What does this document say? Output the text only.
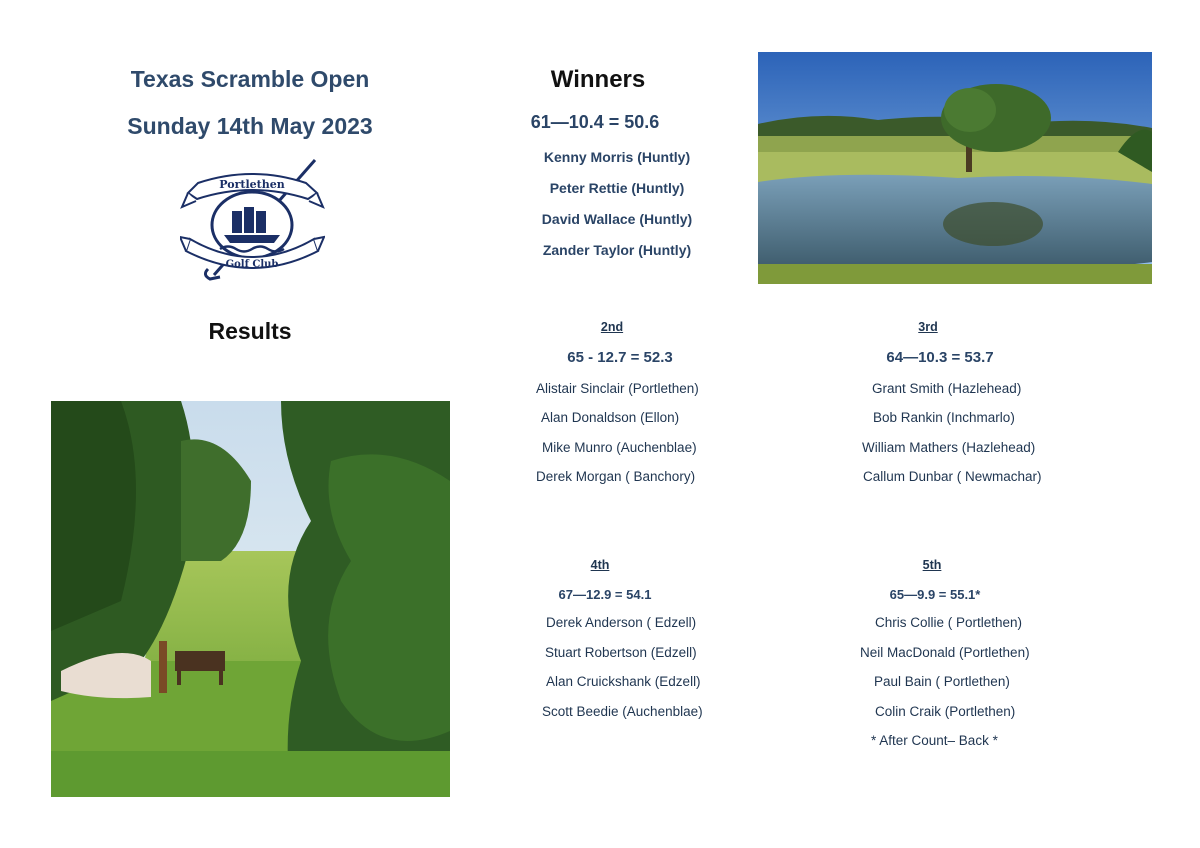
Texas Scramble Open
Sunday 14th May 2023
Portlethen
Golf Club
Winners
61—10.4 = 50.6
Kenny Morris (Huntly)
Peter Rettie (Huntly)
David Wallace (Huntly)
Zander Taylor (Huntly)
Results	2nd
65 - 12.7 = 52.3
Alistair Sinclair (Portlethen)
Alan Donaldson (Ellon)
Mike Munro (Auchenblae)
Derek Morgan ( Banchory)
3rd
64—10.3 = 53.7
Grant Smith (Hazlehead)
Bob Rankin (Inchmarlo)
William Mathers (Hazlehead)
Callum Dunbar ( Newmachar)
4th
67—12.9 = 54.1
Derek Anderson ( Edzell)
Stuart Robertson (Edzell)
Alan Cruickshank (Edzell)
Scott Beedie (Auchenblae)
5th
65—9.9 = 55.1*
Chris Collie ( Portlethen)
Neil MacDonald (Portlethen)
Paul Bain ( Portlethen)
Colin Craik (Portlethen)
* After Count– Back *
